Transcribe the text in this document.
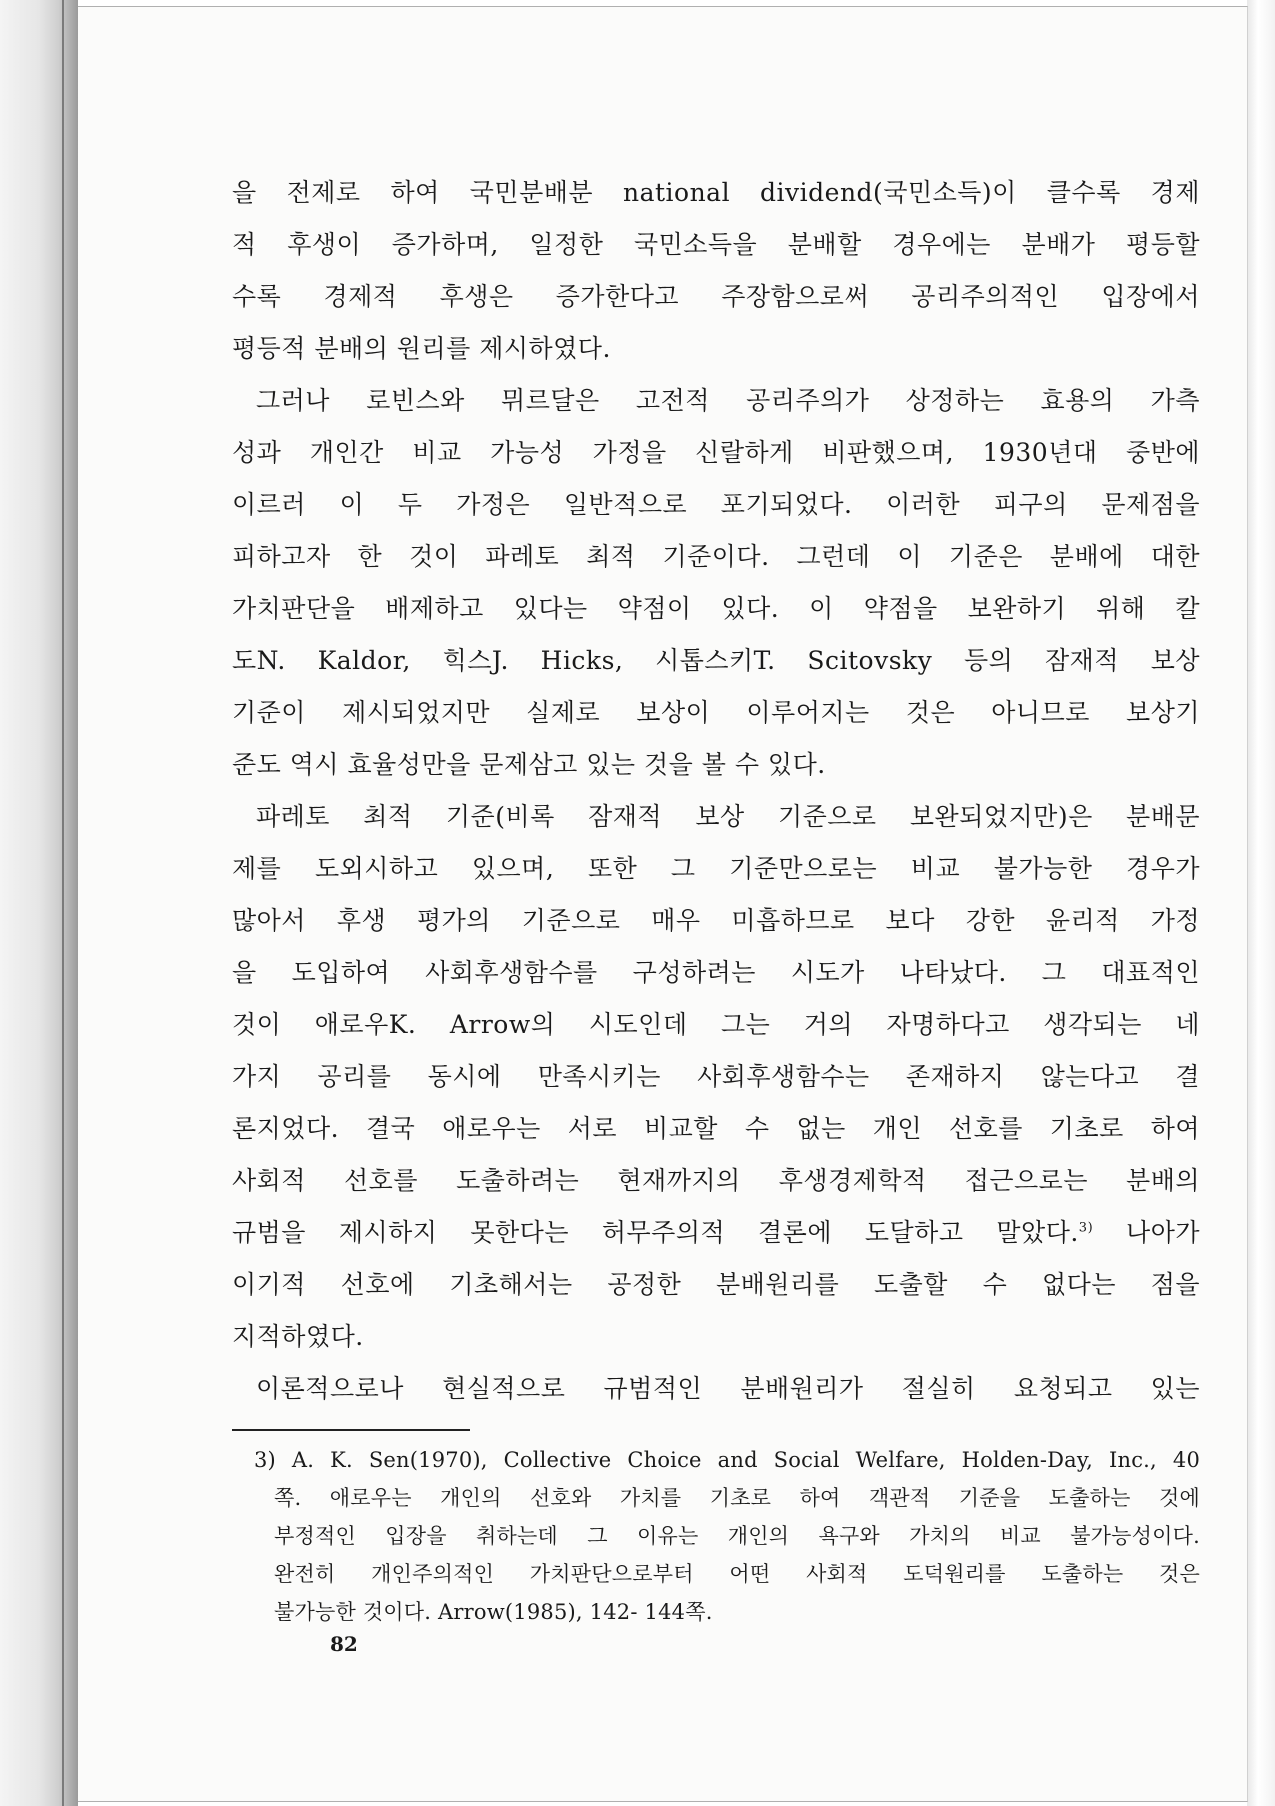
을 전제로 하여 국민분배분 national dividend(국민소득)이 클수록 경제
적 후생이 증가하며, 일정한 국민소득을 분배할 경우에는 분배가 평등할
수록 경제적 후생은 증가한다고 주장함으로써 공리주의적인 입장에서
평등적 분배의 원리를 제시하였다.
그러나 로빈스와 뮈르달은 고전적 공리주의가 상정하는 효용의 가측
성과 개인간 비교 가능성 가정을 신랄하게 비판했으며, 1930년대 중반에
이르러 이 두 가정은 일반적으로 포기되었다. 이러한 피구의 문제점을
피하고자 한 것이 파레토 최적 기준이다. 그런데 이 기준은 분배에 대한
가치판단을 배제하고 있다는 약점이 있다. 이 약점을 보완하기 위해 칼
도N. Kaldor, 힉스J. Hicks, 시톱스키T. Scitovsky 등의 잠재적 보상
기준이 제시되었지만 실제로 보상이 이루어지는 것은 아니므로 보상기
준도 역시 효율성만을 문제삼고 있는 것을 볼 수 있다.
파레토 최적 기준(비록 잠재적 보상 기준으로 보완되었지만)은 분배문
제를 도외시하고 있으며, 또한 그 기준만으로는 비교 불가능한 경우가
많아서 후생 평가의 기준으로 매우 미흡하므로 보다 강한 윤리적 가정
을 도입하여 사회후생함수를 구성하려는 시도가 나타났다. 그 대표적인
것이 애로우K. Arrow의 시도인데 그는 거의 자명하다고 생각되는 네
가지 공리를 동시에 만족시키는 사회후생함수는 존재하지 않는다고 결
론지었다. 결국 애로우는 서로 비교할 수 없는 개인 선호를 기초로 하여
사회적 선호를 도출하려는 현재까지의 후생경제학적 접근으로는 분배의
규범을 제시하지 못한다는 허무주의적 결론에 도달하고 말았다.$^{3)}$ 나아가
이기적 선호에 기초해서는 공정한 분배원리를 도출할 수 없다는 점을
지적하였다.
이론적으로나 현실적으로 규범적인 분배원리가 절실히 요청되고 있는
3) A. K. Sen(1970), Collective Choice and Social Welfare, Holden-Day, Inc., 40
쪽. 애로우는 개인의 선호와 가치를 기초로 하여 객관적 기준을 도출하는 것에
부정적인 입장을 취하는데 그 이유는 개인의 욕구와 가치의 비교 불가능성이다.
완전히 개인주의적인 가치판단으로부터 어떤 사회적 도덕원리를 도출하는 것은
불가능한 것이다. Arrow(1985), 142- 144쪽.
82
